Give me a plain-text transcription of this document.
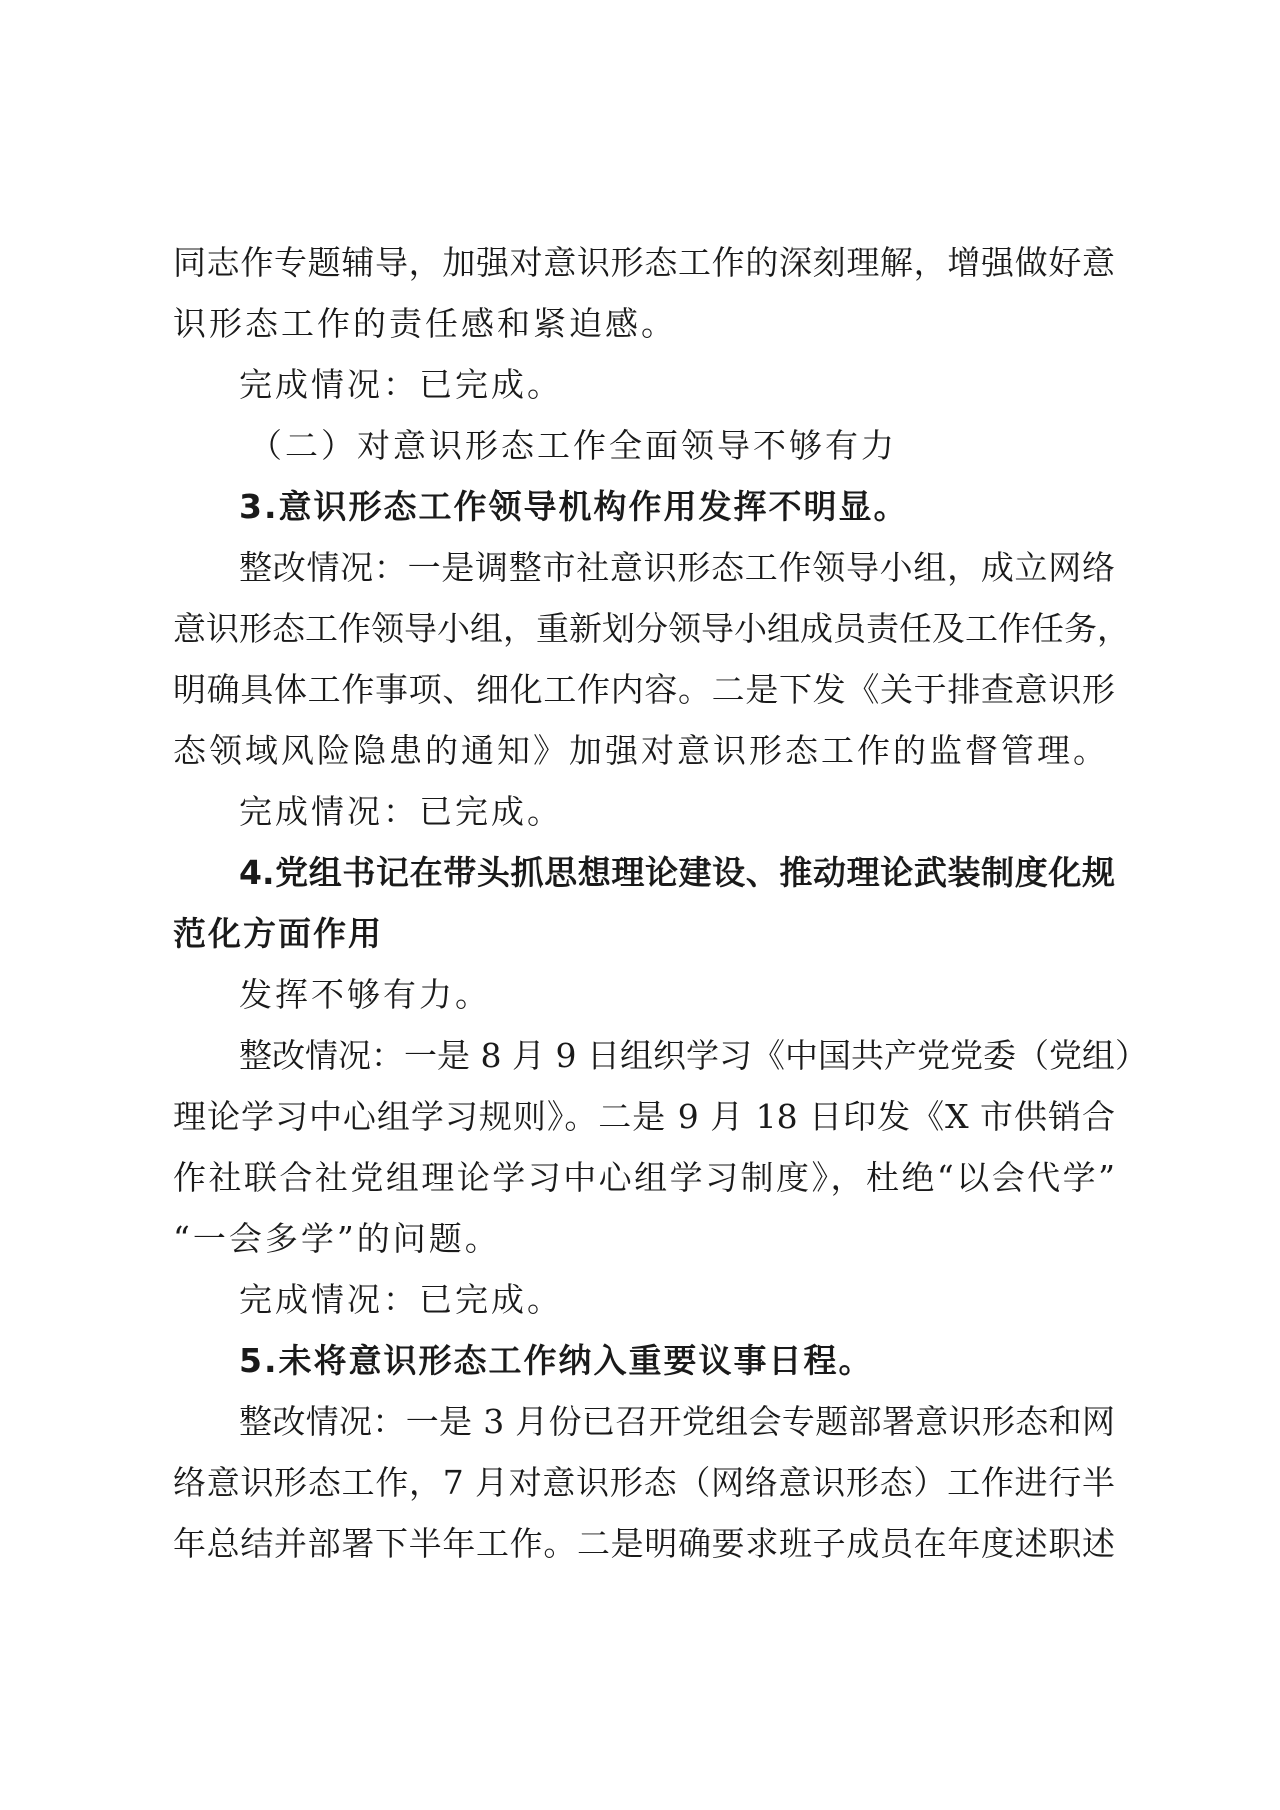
同志作专题辅导，加强对意识形态工作的深刻理解，增强做好意
识形态工作的责任感和紧迫感。
完成情况：已完成。
（二）对意识形态工作全面领导不够有力
3.意识形态工作领导机构作用发挥不明显。
整改情况：一是调整市社意识形态工作领导小组，成立网络
意识形态工作领导小组，重新划分领导小组成员责任及工作任务，
明确具体工作事项、细化工作内容。二是下发《关于排查意识形
态领域风险隐患的通知》加强对意识形态工作的监督管理。
完成情况：已完成。
4.党组书记在带头抓思想理论建设、推动理论武装制度化规
范化方面作用
发挥不够有力。
整改情况：一是 8 月 9 日组织学习《中国共产党党委（党组）
理论学习中心组学习规则》。二是 9 月 18 日印发《X 市供销合
作社联合社党组理论学习中心组学习制度》，杜绝“以会代学”
“一会多学”的问题。
完成情况：已完成。
5.未将意识形态工作纳入重要议事日程。
整改情况：一是 3 月份已召开党组会专题部署意识形态和网
络意识形态工作，7 月对意识形态（网络意识形态）工作进行半
年总结并部署下半年工作。二是明确要求班子成员在年度述职述
